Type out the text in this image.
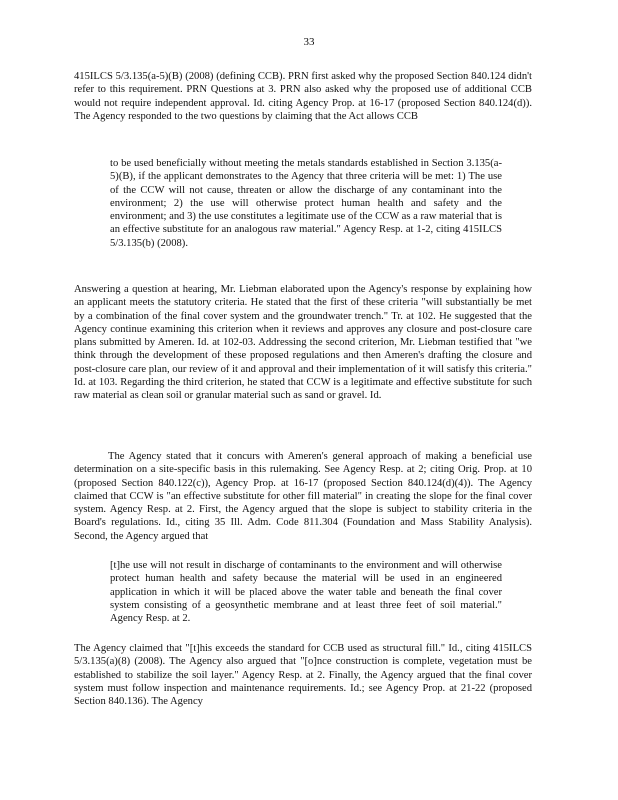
33

415ILCS 5/3.135(a-5)(B) (2008) (defining CCB). PRN first asked why the proposed Section 840.124 didn't refer to this requirement. PRN Questions at 3. PRN also asked why the proposed use of additional CCB would not require independent approval. Id. citing Agency Prop. at 16-17 (proposed Section 840.124(d)). The Agency responded to the two questions by claiming that the Act allows CCB

to be used beneficially without meeting the metals standards established in Section 3.135(a-5)(B), if the applicant demonstrates to the Agency that three criteria will be met: 1) The use of the CCW will not cause, threaten or allow the discharge of any contaminant into the environment; 2) the use will otherwise protect human health and safety and the environment; and 3) the use constitutes a legitimate use of the CCW as a raw material that is an effective substitute for an analogous raw material." Agency Resp. at 1-2, citing 415ILCS 5/3.135(b) (2008).

Answering a question at hearing, Mr. Liebman elaborated upon the Agency's response by explaining how an applicant meets the statutory criteria. He stated that the first of these criteria "will substantially be met by a combination of the final cover system and the groundwater trench." Tr. at 102. He suggested that the Agency continue examining this criterion when it reviews and approves any closure and post-closure care plans submitted by Ameren. Id. at 102-03. Addressing the second criterion, Mr. Liebman testified that "we think through the development of these proposed regulations and then Ameren's drafting the closure and post-closure care plan, our review of it and approval and their implementation of it will satisfy this criteria." Id. at 103. Regarding the third criterion, he stated that CCW is a legitimate and effective substitute for such raw material as clean soil or granular material such as sand or gravel. Id.

The Agency stated that it concurs with Ameren's general approach of making a beneficial use determination on a site-specific basis in this rulemaking. See Agency Resp. at 2; citing Orig. Prop. at 10 (proposed Section 840.122(c)), Agency Prop. at 16-17 (proposed Section 840.124(d)(4)). The Agency claimed that CCW is "an effective substitute for other fill material" in creating the slope for the final cover system. Agency Resp. at 2. First, the Agency argued that the slope is subject to stability criteria in the Board's regulations. Id., citing 35 Ill. Adm. Code 811.304 (Foundation and Mass Stability Analysis). Second, the Agency argued that

[t]he use will not result in discharge of contaminants to the environment and will otherwise protect human health and safety because the material will be used in an engineered application in which it will be placed above the water table and beneath the final cover system consisting of a geosynthetic membrane and at least three feet of soil material." Agency Resp. at 2.

The Agency claimed that "[t]his exceeds the standard for CCB used as structural fill." Id., citing 415ILCS 5/3.135(a)(8) (2008). The Agency also argued that "[o]nce construction is complete, vegetation must be established to stabilize the soil layer." Agency Resp. at 2. Finally, the Agency argued that the final cover system must follow inspection and maintenance requirements. Id.; see Agency Prop. at 21-22 (proposed Section 840.136). The Agency
